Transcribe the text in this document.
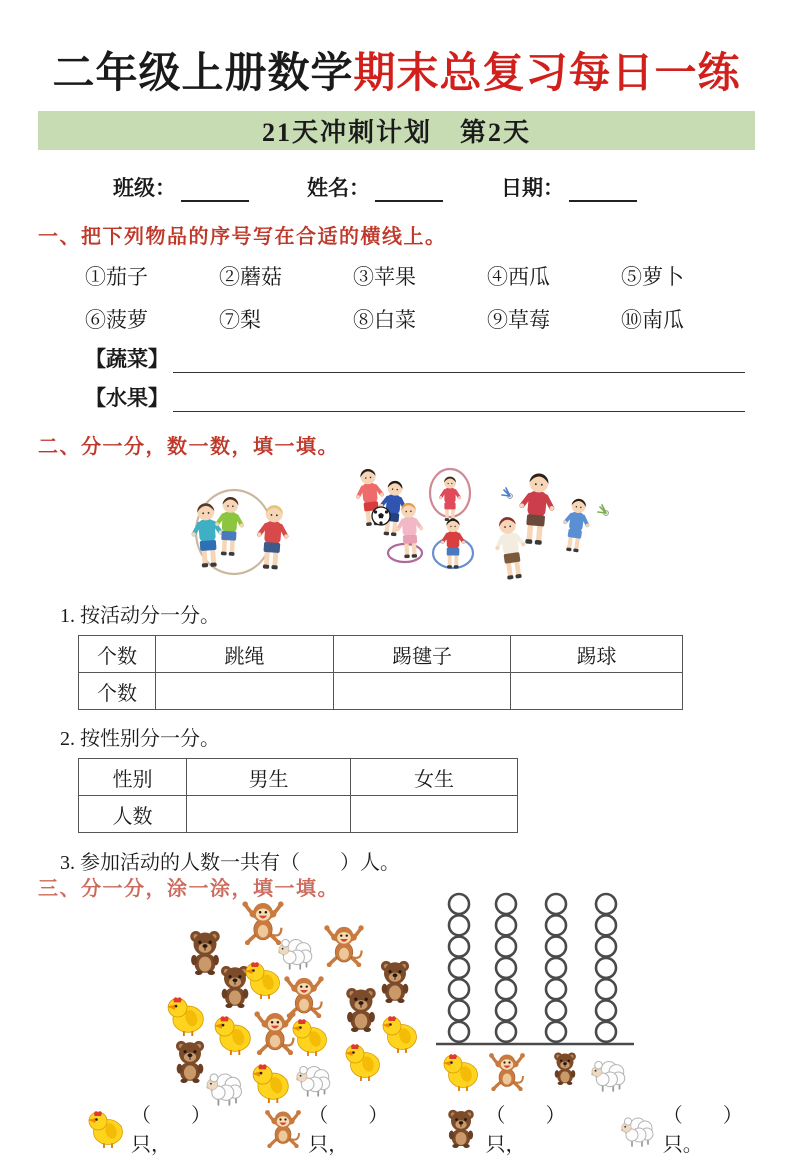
二年级上册数学期末总复习每日一练
21天冲刺计划　第2天
班级：	姓名：	日期：
一、把下列物品的序号写在合适的横线上。
①茄子	②蘑菇	③苹果	④西瓜	⑤萝卜
⑥菠萝	⑦梨	⑧白菜	⑨草莓	⑩南瓜
【蔬菜】
【水果】
二、分一分，数一数，填一填。
1. 按活动分一分。
个数	跳绳	踢毽子	踢球
个数			
2. 按性别分一分。
性别	男生	女生
人数		
3. 参加活动的人数一共有（　　）人。
三、分一分，涂一涂，填一填。
（　　）只，
（　　）只，
（　　）只，
（　　）只。
